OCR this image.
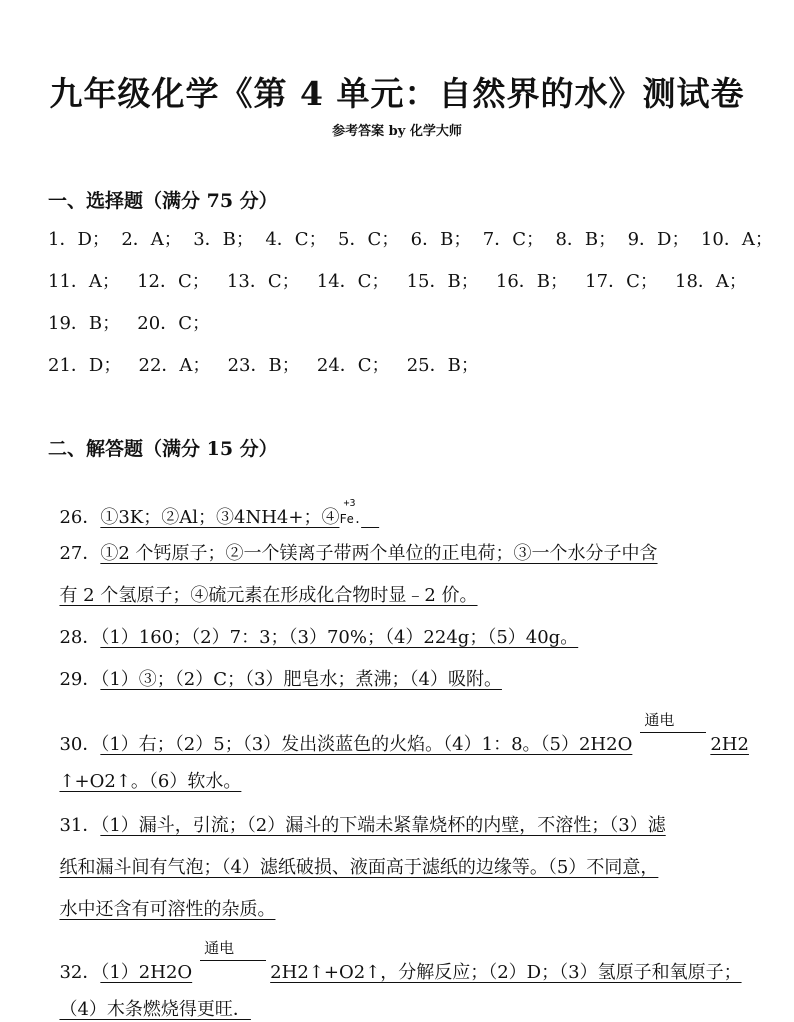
九年级化学《第 4 单元：自然界的水》测试卷
参考答案 by 化学大师
一、选择题（满分 75 分）
1．D；  2．A；  3．B；  4．C；  5．C；  6．B；  7．C；  8．B；  9．D；  10．A；
11．A；   12．C；   13．C；   14．C；   15．B；   16．B；   17．C；   18．A；
19．B；   20．C；
21．D；   22．A；   23．B；   24．C；   25．B；
二、解答题（满分 15 分）

26．①3K；②Al；③4NH4+；④
+3
Fe. 

27．①2 个钙原子；②一个镁离子带两个单位的正电荷；③一个水分子中含

有 2 个氢原子；④硫元素在形成化合物时显﹣2 价。

28．（1）160；（2）7：3；（3）70%；（4）224g；（5）40g。

29．（1）③；（2）C；（3）肥皂水；煮沸；（4）吸附。

30．（1）右；（2）5；（3）发出淡蓝色的火焰。（4）1：8。（5）2H2O
通电
2H2

↑+O2↑。（6）软水。

31．（1）漏斗，引流；（2）漏斗的下端未紧靠烧杯的内壁，不溶性；（3）滤

纸和漏斗间有气泡；（4）滤纸破损、液面高于滤纸的边缘等。（5）不同意，

水中还含有可溶性的杂质。

32．（1）2H2O
通电
2H2↑+O2↑，分解反应；（2）D；（3）氢原子和氧原子；

（4）木条燃烧得更旺．
